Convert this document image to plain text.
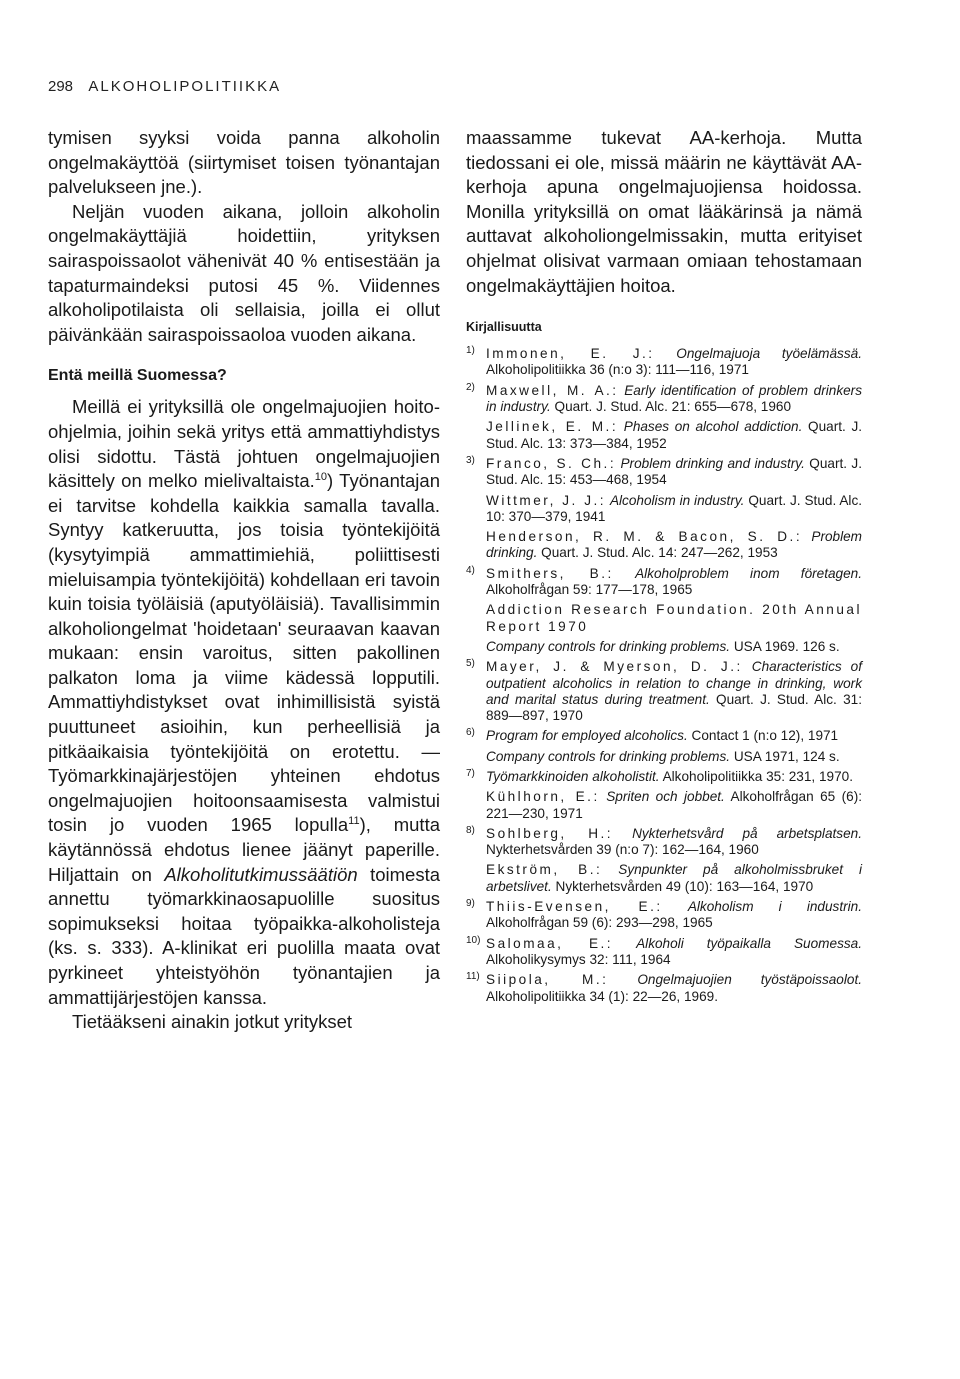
298 ALKOHOLIPOLITIIKKA

tymisen syyksi voida panna alkoholin ongelmakäyttöä (siirtymiset toisen työnantajan palvelukseen jne.).

Neljän vuoden aikana, jolloin alkoholin ongelmakäyttäjiä hoidettiin, yrityksen sairaspoissaolot vähenivät 40 % entisestään ja tapaturmaindeksi putosi 45 %. Viidennes alkoholipotilaista oli sellaisia, joilla ei ollut päivänkään sairaspoissaoloa vuoden aikana.

Entä meillä Suomessa?

Meillä ei yrityksillä ole ongelmajuojien hoito-ohjelmia, joihin sekä yritys että ammattiyhdistys olisi sidottu. Tästä johtuen ongelmajuojien käsittely on melko mielivaltaista.$^{10}$) Työnantajan ei tarvitse kohdella kaikkia samalla tavalla. Syntyy katkeruutta, jos toisia työntekijöitä (kysytyimpiä ammattimiehiä, poliittisesti mieluisampia työntekijöitä) kohdellaan eri tavoin kuin toisia työläisiä (aputyöläisiä). Tavallisimmin alkoholiongelmat 'hoidetaan' seuraavan kaavan mukaan: ensin varoitus, sitten pakollinen palkaton loma ja viime kädessä lopputili. Ammattiyhdistykset ovat inhimillisistä syistä puuttuneet asioihin, kun perheellisiä ja pitkäaikaisia työntekijöitä on erotettu. — Työmarkkinajärjestöjen yhteinen ehdotus ongelmajuojien hoitoonsaamisesta valmistui tosin jo vuoden 1965 lopulla$^{11}$), mutta käytännössä ehdotus lienee jäänyt paperille. Hiljattain on Alkoholitutkimussäätiön toimesta annettu työmarkkinaosapuolille suositus sopimukseksi hoitaa työpaikka-alkoholisteja (ks. s. 333). A-klinikat eri puolilla maata ovat pyrkineet yhteistyöhön työnantajien ja ammattijärjestöjen kanssa.

Tietääkseni ainakin jotkut yritykset

maassamme tukevat AA-kerhoja. Mutta tiedossani ei ole, missä määrin ne käyttävät AA-kerhoja apuna ongelmajuojiensa hoidossa. Monilla yrityksillä on omat lääkärinsä ja nämä auttavat alkoholiongelmissakin, mutta erityiset ohjelmat olisivat varmaan omiaan tehostamaan ongelmakäyttäjien hoitoa.

Kirjallisuutta
1) Immonen, E. J.: Ongelmajuoja työelämässä. Alkoholipolitiikka 36 (n:o 3): 111—116, 1971
2) Maxwell, M. A.: Early identification of problem drinkers in industry. Quart. J. Stud. Alc. 21: 655—678, 1960
Jellinek, E. M.: Phases on alcohol addiction. Quart. J. Stud. Alc. 13: 373—384, 1952
3) Franco, S. Ch.: Problem drinking and industry. Quart. J. Stud. Alc. 15: 453—468, 1954
Wittmer, J. J.: Alcoholism in industry. Quart. J. Stud. Alc. 10: 370—379, 1941
Henderson, R. M. & Bacon, S. D.: Problem drinking. Quart. J. Stud. Alc. 14: 247—262, 1953
4) Smithers, B.: Alkoholproblem inom företagen. Alkoholfrågan 59: 177—178, 1965
Addiction Research Foundation. 20th Annual Report 1970
Company controls for drinking problems. USA 1969. 126 s.
5) Mayer, J. & Myerson, D. J.: Characteristics of outpatient alcoholics in relation to change in drinking, work and marital status during treatment. Quart. J. Stud. Alc. 31: 889—897, 1970
6) Program for employed alcoholics. Contact 1 (n:o 12), 1971
Company controls for drinking problems. USA 1971, 124 s.
7) Työmarkkinoiden alkoholistit. Alkoholipolitiikka 35: 231, 1970.
Kühlhorn, E.: Spriten och jobbet. Alkoholfrågan 65 (6): 221—230, 1971
8) Sohlberg, H.: Nykterhetsvård på arbetsplatsen. Nykterhetsvården 39 (n:o 7): 162—164, 1960
Ekström, B.: Synpunkter på alkoholmissbruket i arbetslivet. Nykterhetsvården 49 (10): 163—164, 1970
9) Thiis-Evensen, E.: Alkoholism i industrin. Alkoholfrågan 59 (6): 293—298, 1965
10) Salomaa, E.: Alkoholi työpaikalla Suomessa. Alkoholikysymys 32: 111, 1964
11) Siipola, M.: Ongelmajuojien työstäpoissaolot. Alkoholipolitiikka 34 (1): 22—26, 1969.
